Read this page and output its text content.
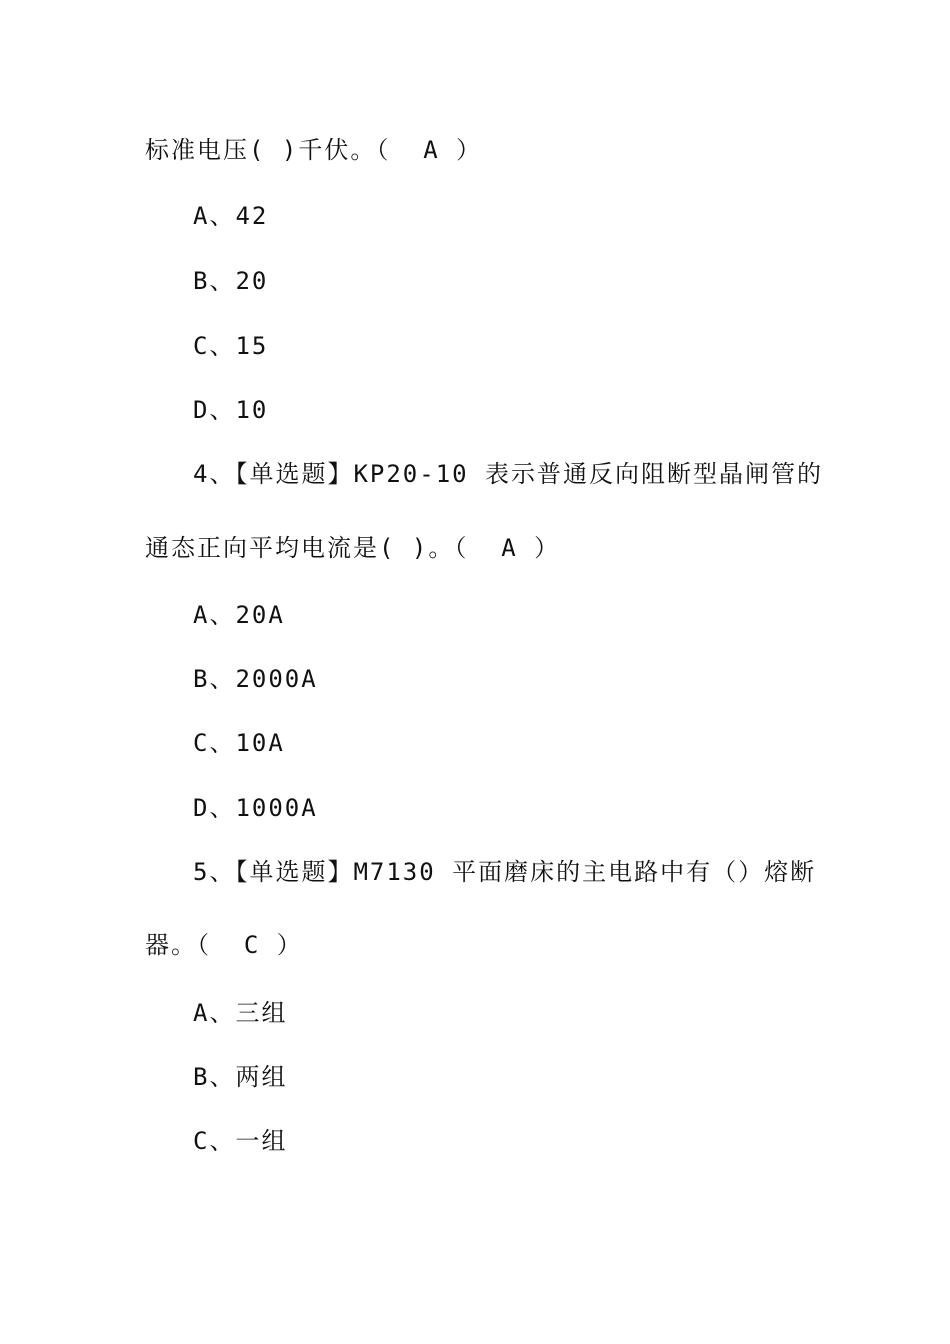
标准电压( )千伏。（  A ）
A、42
B、20
C、15
D、10
4、【单选题】KP20-10 表示普通反向阻断型晶闸管的
通态正向平均电流是( )。（  A ）
A、20A
B、2000A
C、10A
D、1000A
5、【单选题】M7130 平面磨床的主电路中有（）熔断
器。（  C ）
A、三组
B、两组
C、一组
